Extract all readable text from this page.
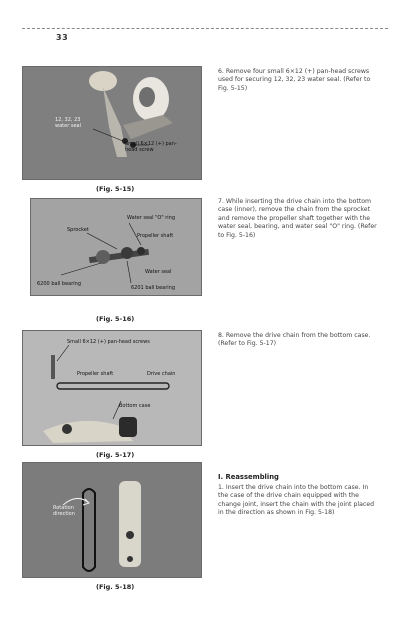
33
12, 32, 23 water seal
Small 6×12 (+) pan-head screw
(Fig. 5-15)
Water seal "O" ring
Sprocket
Propeller shaft
Water seal
6200 ball bearing
6201 ball bearing
(Fig. 5-16)
Small 6×12 (+) pan-head screws
Propeller shaft	Drive chain
Bottom case
(Fig. 5-17)
Rotation direction
(Fig. 5-18)
6. Remove four small 6×12 (+) pan-head screws used for securing 12, 32, 23 water seal. (Refer to Fig. 5-15)
7. While inserting the drive chain into the bottom case (inner), remove the chain from the sprocket and remove the propeller shaft together with the water seal, bearing, and water seal "O" ring. (Refer to Fig. 5-16)
8. Remove the drive chain from the bottom case. (Refer to Fig. 5-17)
I. Reassembling
1. Insert the drive chain into the bottom case. In the case of the drive chain equipped with the change joint, insert the chain with the joint placed in the direction as shown in Fig. 5-18)
